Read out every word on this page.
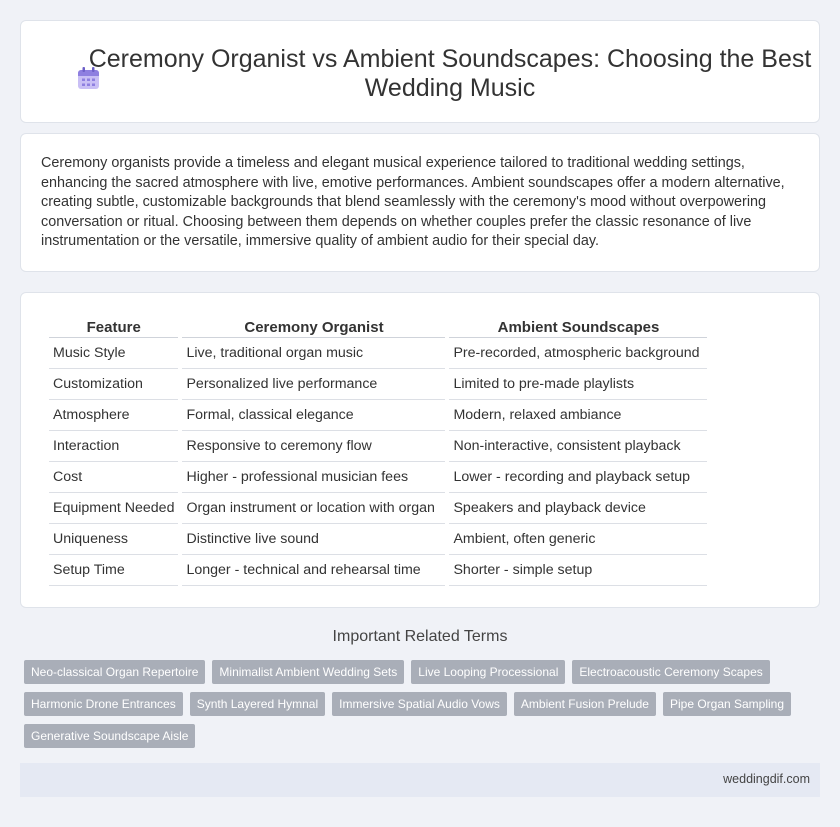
Ceremony Organist vs Ambient Soundscapes: Choosing the Best Wedding Music

Ceremony organists provide a timeless and elegant musical experience tailored to traditional wedding settings, enhancing the sacred atmosphere with live, emotive performances. Ambient soundscapes offer a modern alternative, creating subtle, customizable backgrounds that blend seamlessly with the ceremony's mood without overpowering conversation or ritual. Choosing between them depends on whether couples prefer the classic resonance of live instrumentation or the versatile, immersive quality of ambient audio for their special day.

Feature	Ceremony Organist	Ambient Soundscapes
Music Style	Live, traditional organ music	Pre-recorded, atmospheric background
Customization	Personalized live performance	Limited to pre-made playlists
Atmosphere	Formal, classical elegance	Modern, relaxed ambiance
Interaction	Responsive to ceremony flow	Non-interactive, consistent playback
Cost	Higher - professional musician fees	Lower - recording and playback setup
Equipment Needed	Organ instrument or location with organ	Speakers and playback device
Uniqueness	Distinctive live sound	Ambient, often generic
Setup Time	Longer - technical and rehearsal time	Shorter - simple setup
Important Related Terms
Neo-classical Organ Repertoire	Minimalist Ambient Wedding Sets	Live Looping Processional	Electroacoustic Ceremony Scapes
Harmonic Drone Entrances	Synth Layered Hymnal	Immersive Spatial Audio Vows	Ambient Fusion Prelude	Pipe Organ Sampling
Generative Soundscape Aisle
weddingdif.com
